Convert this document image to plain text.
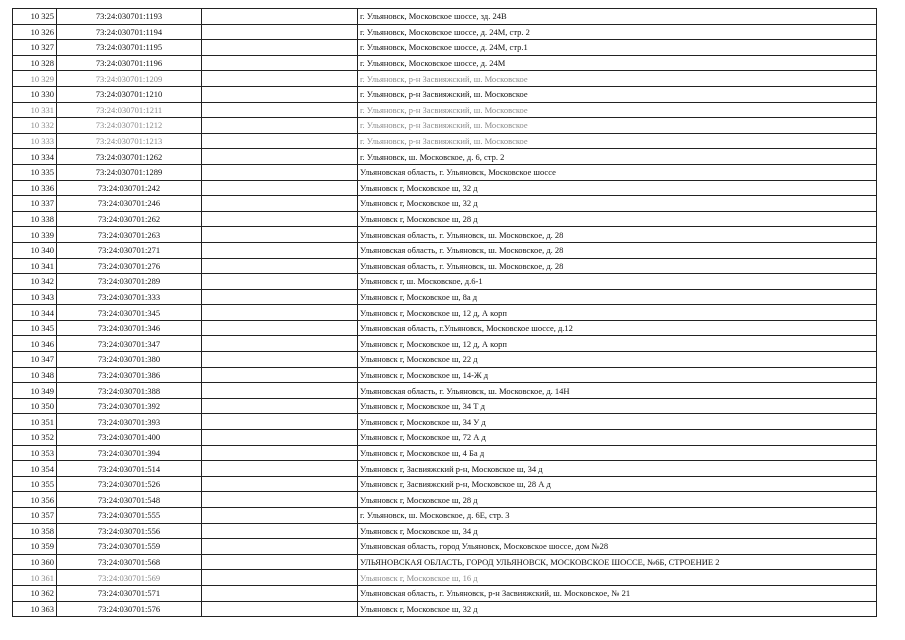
10 325	73:24:030701:1193		г. Ульяновск, Московское шоссе, зд. 24В
10 326	73:24:030701:1194		г. Ульяновск, Московское шоссе, д. 24М, стр. 2
10 327	73:24:030701:1195		г. Ульяновск, Московское шоссе, д. 24М, стр.1
10 328	73:24:030701:1196		г. Ульяновск, Московское шоссе, д. 24М
10 329	73:24:030701:1209		г. Ульяновск, р-н Засвияжский, ш. Московское
10 330	73:24:030701:1210		г. Ульяновск, р-н Засвияжский, ш. Московское
10 331	73:24:030701:1211		г. Ульяновск, р-н Засвияжский, ш. Московское
10 332	73:24:030701:1212		г. Ульяновск, р-н Засвияжский, ш. Московское
10 333	73:24:030701:1213		г. Ульяновск, р-н Засвияжский, ш. Московское
10 334	73:24:030701:1262		г. Ульяновск, ш. Московское, д. 6, стр. 2
10 335	73:24:030701:1289		Ульяновская область, г. Ульяновск, Московское шоссе
10 336	73:24:030701:242		Ульяновск г, Московское ш, 32 д
10 337	73:24:030701:246		Ульяновск г, Московское ш, 32 д
10 338	73:24:030701:262		Ульяновск г, Московское ш, 28 д
10 339	73:24:030701:263		Ульяновская область, г. Ульяновск, ш. Московское, д. 28
10 340	73:24:030701:271		Ульяновская область, г. Ульяновск, ш. Московское, д. 28
10 341	73:24:030701:276		Ульяновская область, г. Ульяновск, ш. Московское, д. 28
10 342	73:24:030701:289		Ульяновск г, ш. Московское, д.6-1
10 343	73:24:030701:333		Ульяновск г, Московское ш, 8а д
10 344	73:24:030701:345		Ульяновск г, Московское ш, 12 д, А корп
10 345	73:24:030701:346		Ульяновская область, г.Ульяновск, Московское шоссе, д.12
10 346	73:24:030701:347		Ульяновск г, Московское ш, 12 д, А корп
10 347	73:24:030701:380		Ульяновск г, Московское ш, 22 д
10 348	73:24:030701:386		Ульяновск г, Московское ш, 14-Ж д
10 349	73:24:030701:388		Ульяновская область, г. Ульяновск, ш. Московское, д. 14Н
10 350	73:24:030701:392		Ульяновск г, Московское ш, 34 Т д
10 351	73:24:030701:393		Ульяновск г, Московское ш, 34 У д
10 352	73:24:030701:400		Ульяновск г, Московское ш, 72 А д
10 353	73:24:030701:394		Ульяновск г, Московское ш, 4 Ба д
10 354	73:24:030701:514		Ульяновск г, Засвияжский р-н, Московское ш, 34 д
10 355	73:24:030701:526		Ульяновск г, Засвияжский р-н, Московское ш, 28 А д
10 356	73:24:030701:548		Ульяновск г, Московское ш, 28 д
10 357	73:24:030701:555		г. Ульяновск, ш. Московское, д. 6Е, стр. 3
10 358	73:24:030701:556		Ульяновск г, Московское ш, 34 д
10 359	73:24:030701:559		Ульяновская область, город Ульяновск, Московское шоссе, дом №28
10 360	73:24:030701:568		УЛЬЯНОВСКАЯ ОБЛАСТЬ, ГОРОД УЛЬЯНОВСК, МОСКОВСКОЕ ШОССЕ, №6Б, СТРОЕНИЕ 2
10 361	73:24:030701:569		Ульяновск г, Московское ш, 16 д
10 362	73:24:030701:571		Ульяновская область, г. Ульяновск, р-н Засвияжский, ш. Московское, № 21
10 363	73:24:030701:576		Ульяновск г, Московское ш, 32 д
